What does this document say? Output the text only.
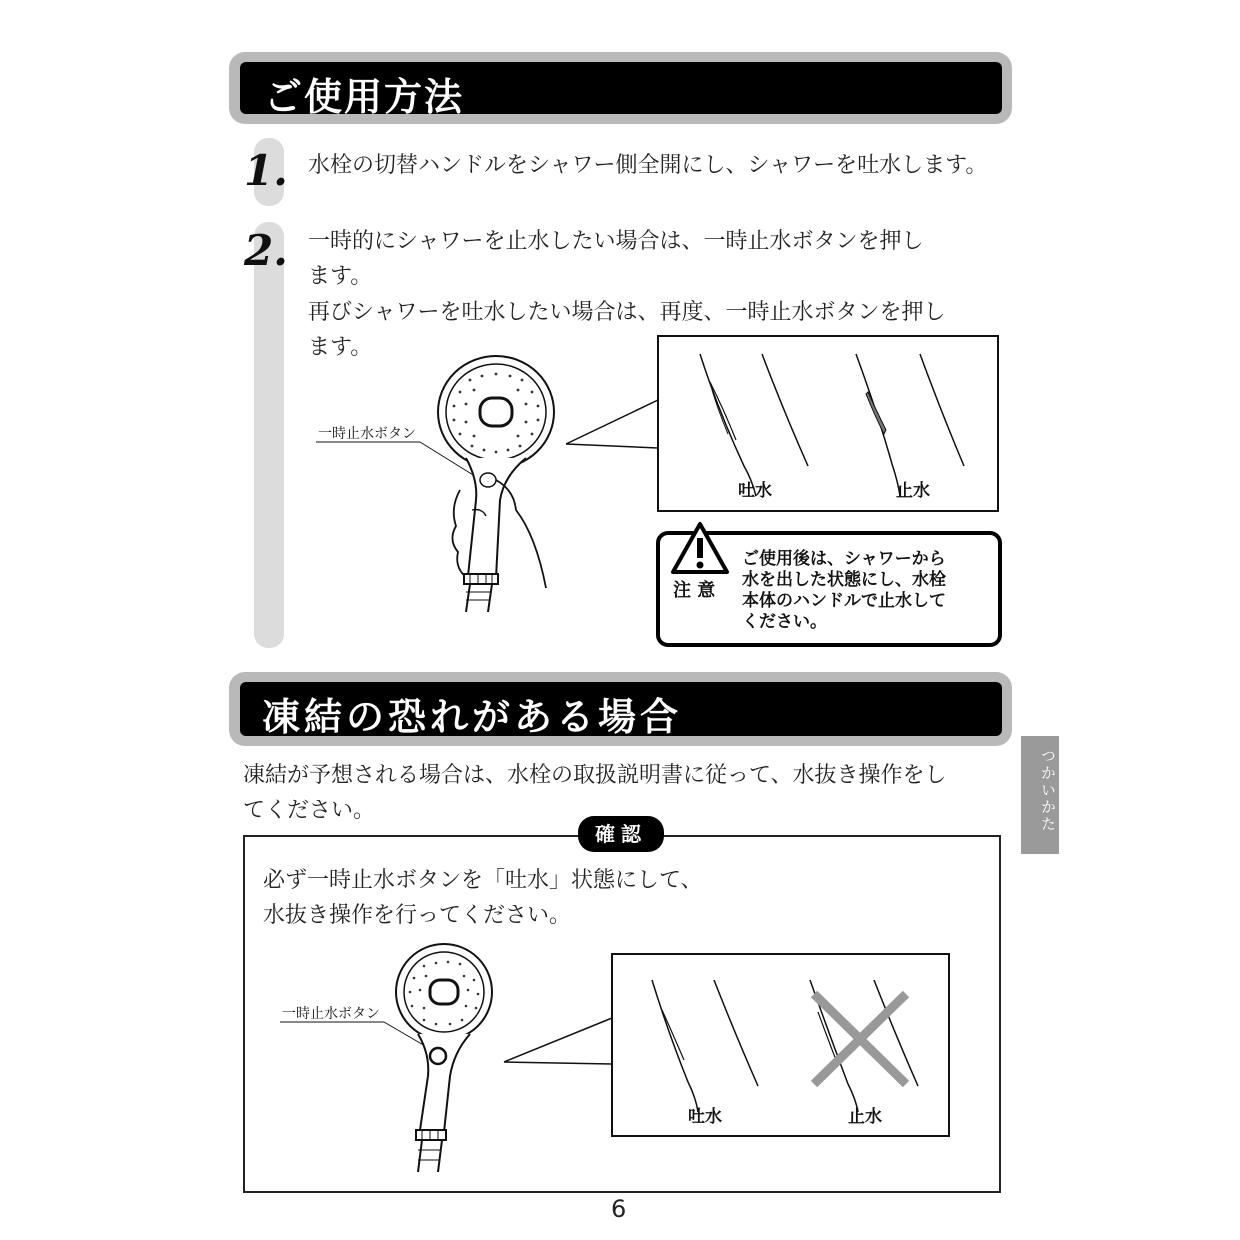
ご使用方法
1. 水栓の切替ハンドルをシャワー側全開にし、シャワーを吐水します。
2. 一時的にシャワーを止水したい場合は、一時止水ボタンを押し
ます。
再びシャワーを吐水したい場合は、再度、一時止水ボタンを押し
ます。
一時止水ボタン
吐水	止水
注 意
ご使用後は、シャワーから
水を出した状態にし、水栓
本体のハンドルで止水して
ください。
凍結の恐れがある場合
つかいかた
凍結が予想される場合は、水栓の取扱説明書に従って、水抜き操作をし
てください。
確認
必ず一時止水ボタンを「吐水」状態にして、
水抜き操作を行ってください。
一時止水ボタン
吐水	止水
6
